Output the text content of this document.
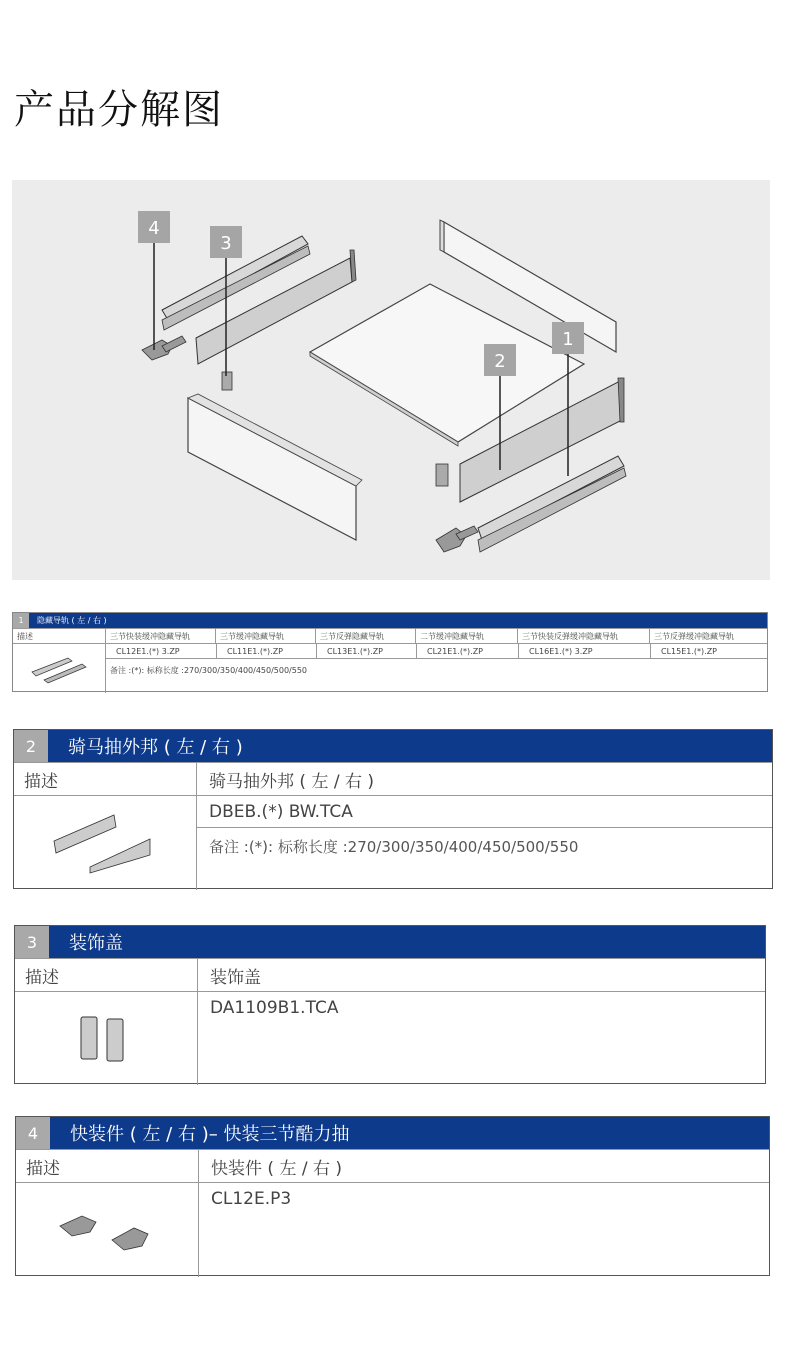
产品分解图
4
3
2
1
1	隐藏导轨 ( 左 / 右 )
描述	三节快装缓冲隐藏导轨	三节缓冲隐藏导轨	三节反弹隐藏导轨	二节缓冲隐藏导轨	三节快装反弹缓冲隐藏导轨	三节反弹缓冲隐藏导轨
CL12E1.(*) 3.ZP	CL11E1.(*).ZP	CL13E1.(*).ZP	CL21E1.(*).ZP	CL16E1.(*) 3.ZP	CL15E1.(*).ZP
备注 :(*): 标称长度 :270/300/350/400/450/500/550
2	骑马抽外邦 ( 左 / 右 )
描述	骑马抽外邦 ( 左 / 右 )
DBEB.(*) BW.TCA
备注 :(*): 标称长度 :270/300/350/400/450/500/550
3	装饰盖
描述	装饰盖
DA1109B1.TCA
4	快装件 ( 左 / 右 )– 快装三节酷力抽
描述	快装件 ( 左 / 右 )
CL12E.P3
